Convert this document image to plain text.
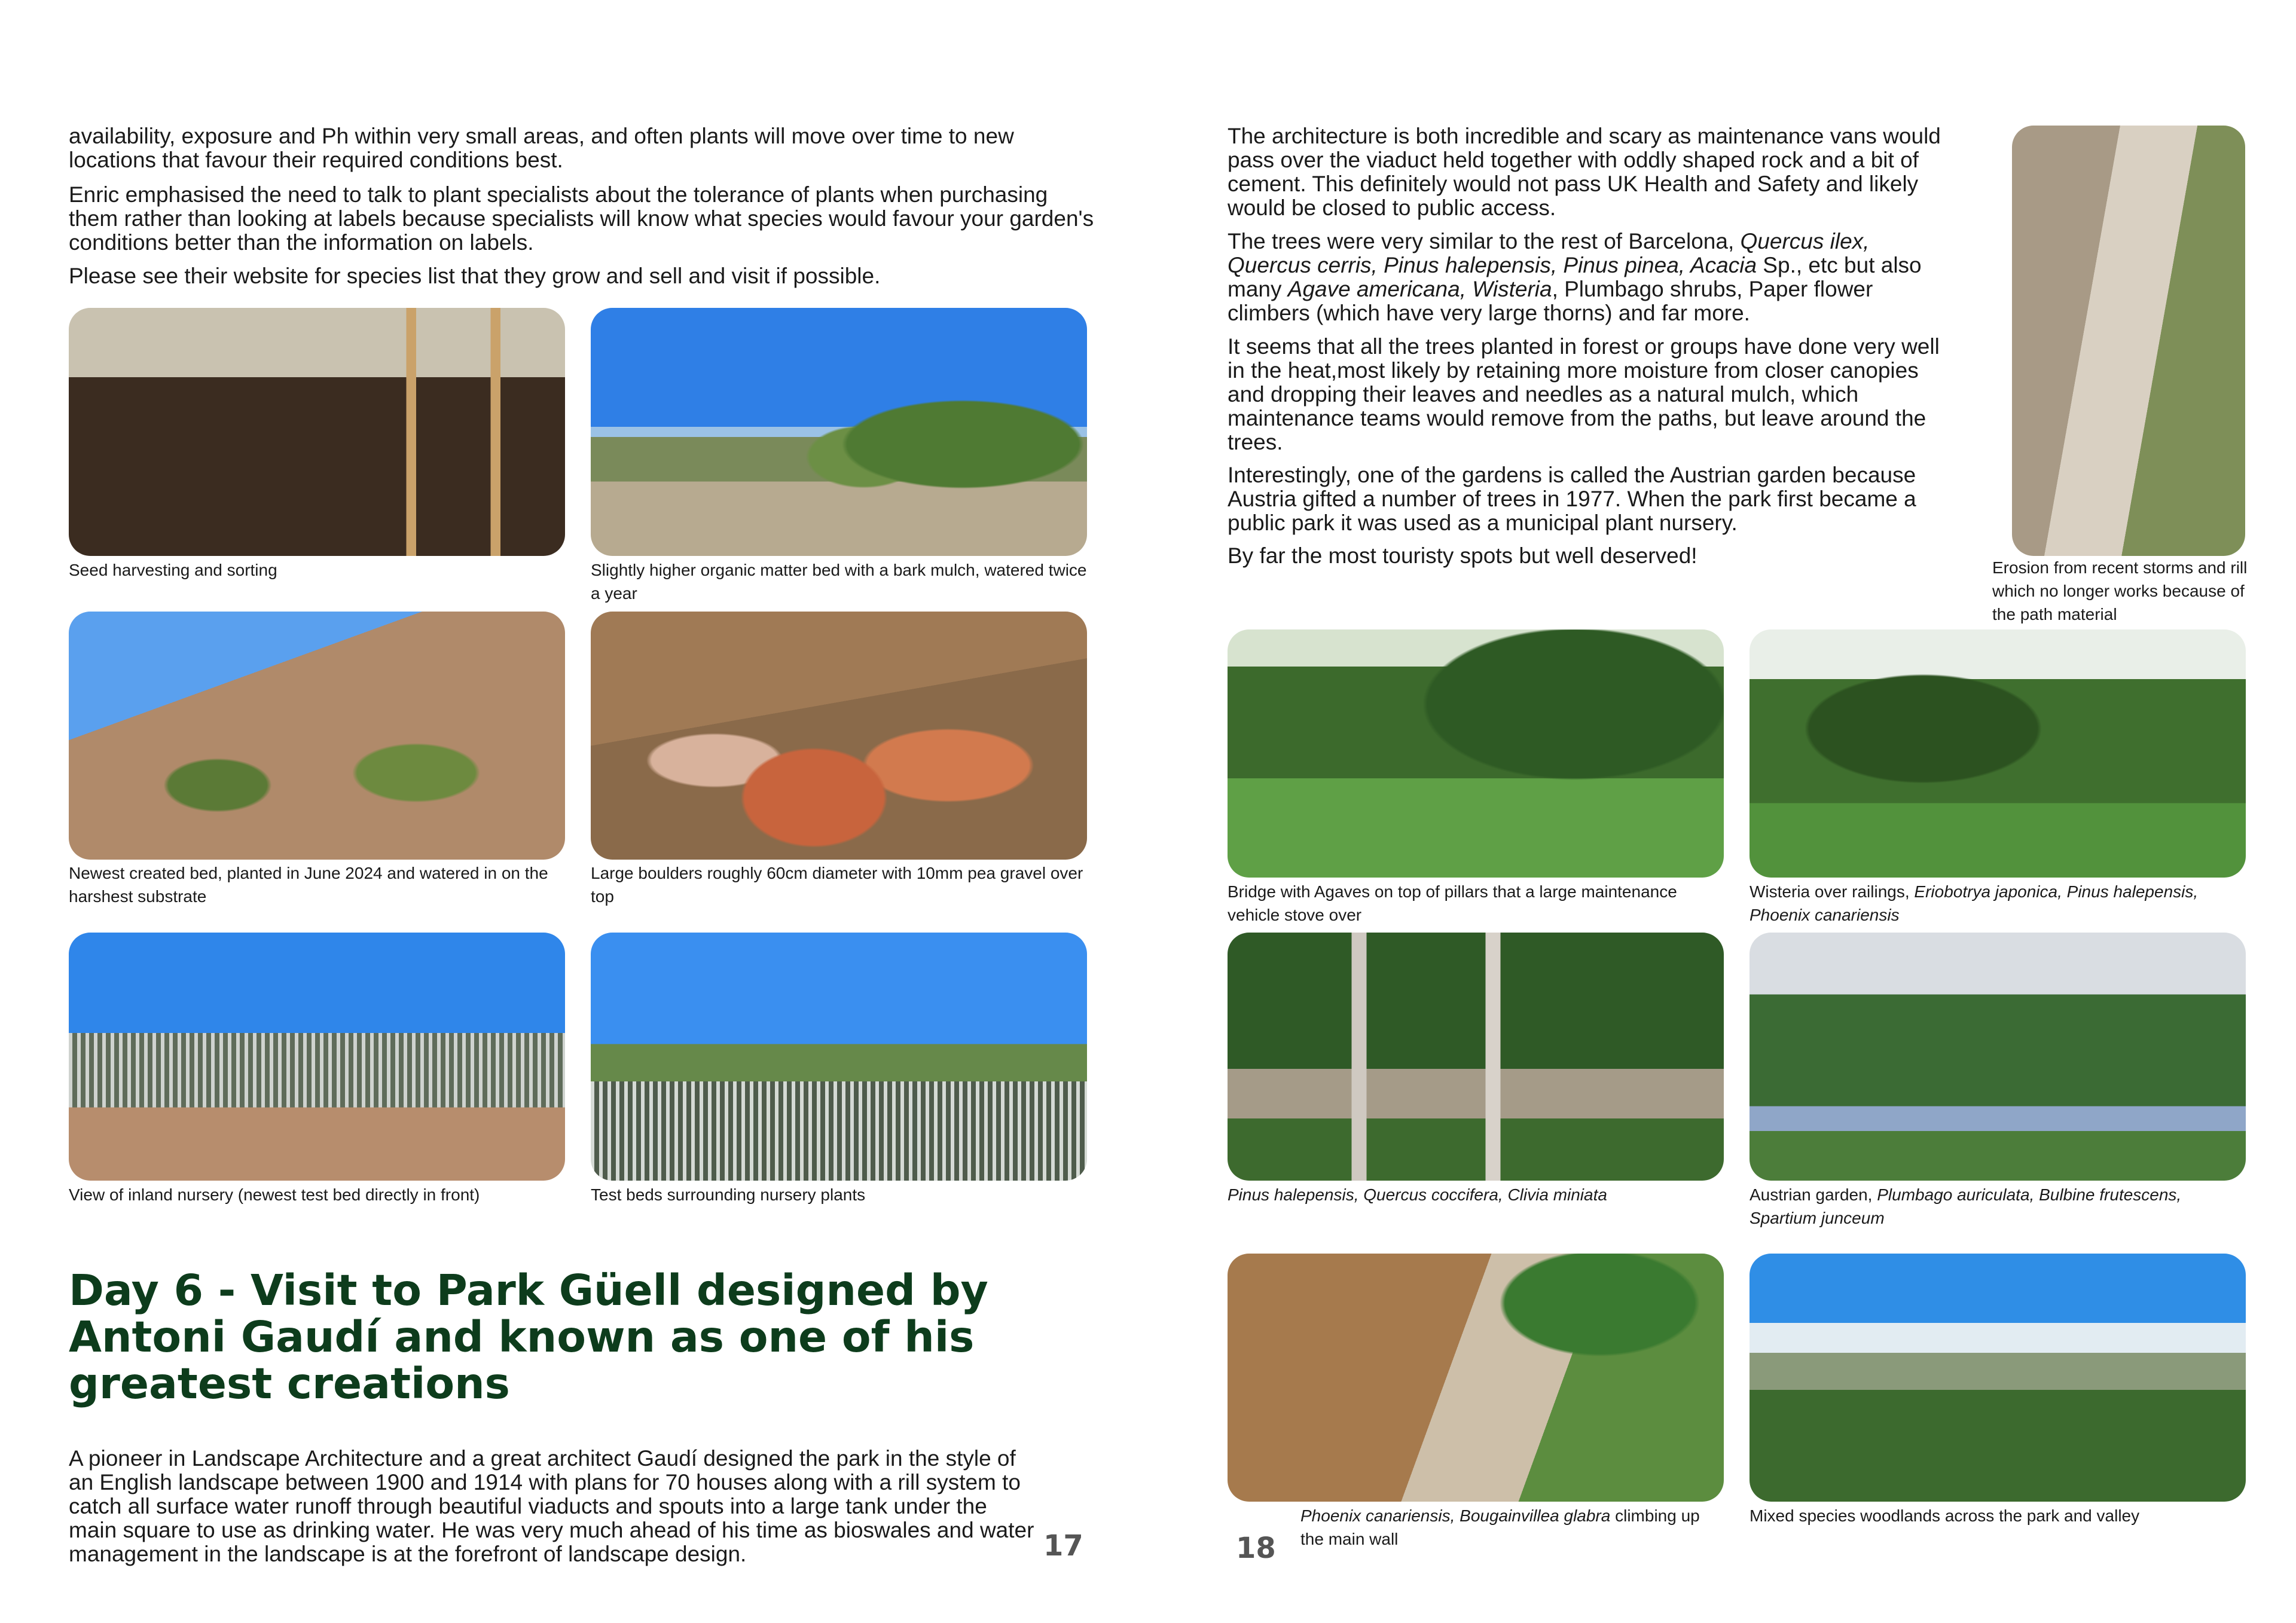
availability, exposure and Ph within very small areas, and often plants will move over time to new locations that favour their required conditions best.

Enric emphasised the need to talk to plant specialists about the tolerance of plants when purchasing them rather than looking at labels because specialists will know what species would favour your garden's conditions better than the information on labels.

Please see their website for species list that they grow and sell and visit if possible.

Seed harvesting and sorting	Slightly higher organic matter bed with a bark mulch, watered twice a year
Newest created bed, planted in June 2024 and watered in on the harshest substrate
Large boulders roughly 60cm diameter with 10mm pea gravel over top
View of inland nursery (newest test bed directly in front)	Test beds surrounding nursery plants
Day 6 - Visit to Park Güell designed by Antoni Gaudí and known as one of his greatest creations

A pioneer in Landscape Architecture and a great architect Gaudí designed the park in the style of an English landscape between 1900 and 1914 with plans for 70 houses along with a rill system to catch all surface water runoff through beautiful viaducts and spouts into a large tank under the main square to use as drinking water. He was very much ahead of his time as bioswales and water management in the landscape is at the forefront of landscape design.	17

The architecture is both incredible and scary as maintenance vans would pass over the viaduct held together with oddly shaped rock and a bit of cement. This definitely would not pass UK Health and Safety and likely would be closed to public access.

The trees were very similar to the rest of Barcelona, Quercus ilex, Quercus cerris, Pinus halepensis, Pinus pinea, Acacia Sp., etc but also many Agave americana, Wisteria, Plumbago shrubs, Paper flower climbers (which have very large thorns) and far more.

It seems that all the trees planted in forest or groups have done very well in the heat,most likely by retaining more moisture from closer canopies and dropping their leaves and needles as a natural mulch, which maintenance teams would remove from the paths, but leave around the trees.

Interestingly, one of the gardens is called the Austrian garden because Austria gifted a number of trees in 1977. When the park first became a public park it was used as a municipal plant nursery.

By far the most touristy spots but well deserved!	Erosion from recent storms and rill which no longer works because of the path material
Bridge with Agaves on top of pillars that a large maintenance vehicle stove over
Wisteria over railings, Eriobotrya japonica, Pinus halepensis, Phoenix canariensis
Pinus halepensis, Quercus coccifera, Clivia miniata	Austrian garden, Plumbago auriculata, Bulbine frutescens, Spartium junceum
Phoenix canariensis, Bougainvillea glabra climbing up the main wall
Mixed species woodlands across the park and valley
18
